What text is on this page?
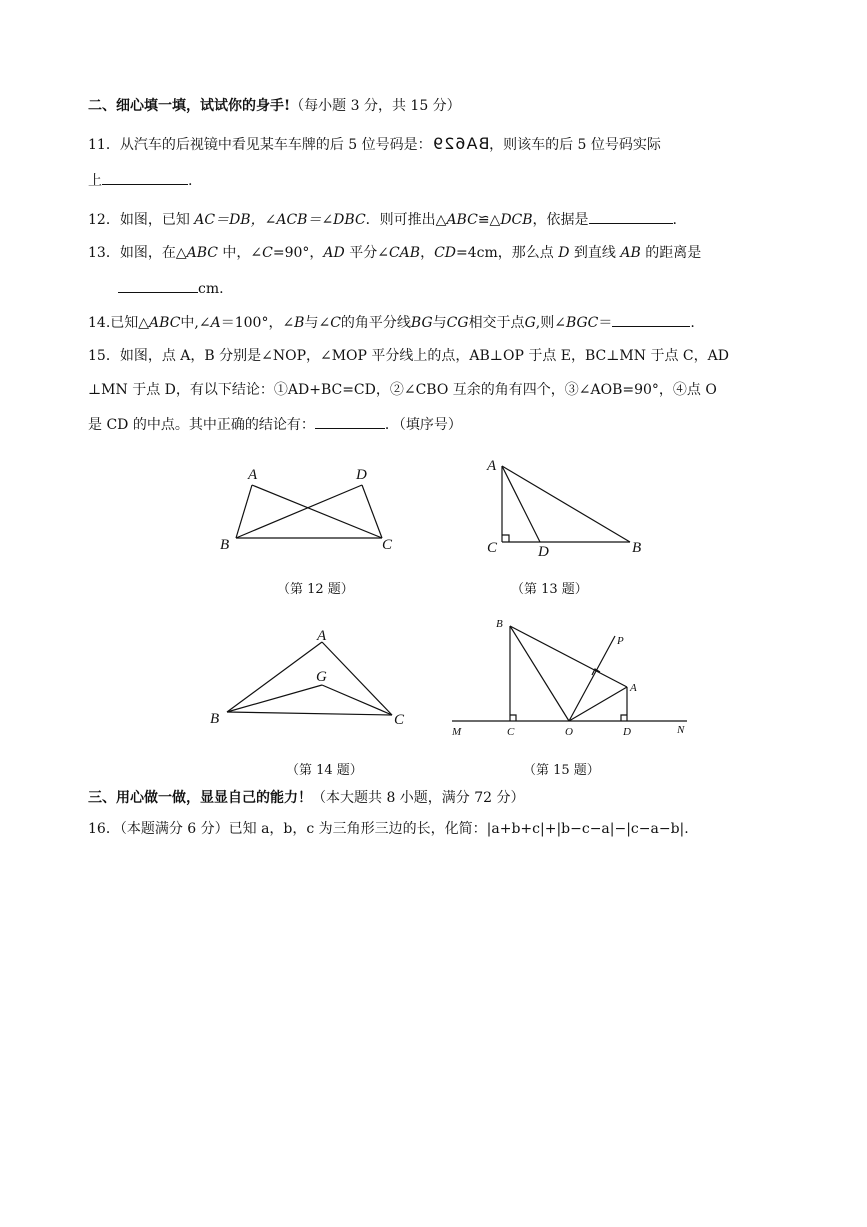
二、细心填一填，试试你的身手!（每小题 3 分，共 15 分）
11．从汽车的后视镜中看见某车车牌的后 5 位号码是：BA629，则该车的后 5 位号码实际
上	.
12．如图，已知 AC＝DB，∠ACB＝∠DBC．则可推出△ABC≌△DCB，依据是	.
13．如图，在△ABC 中，∠C=90°，AD 平分∠CAB，CD=4cm，那么点 D 到直线 AB 的距离是
cm.
14.已知△ABC中,∠A＝100°，∠B与∠C的角平分线BG与CG相交于点G,则∠BGC＝	.
15．如图，点 A，B 分别是∠NOP，∠MOP 平分线上的点，AB⊥OP 于点 E，BC⊥MN 于点 C，AD
⊥MN 于点 D，有以下结论：①AD+BC=CD，②∠CBO 互余的角有四个，③∠AOB=90°，④点 O
是 CD 的中点。其中正确的结论有：	．（填序号）
A	D
B	C
（第 12 题）
A
C	D	B
（第 13 题）
A
G
B	C
（第 14 题）
B
P
A
M	C	O	D	N
（第 15 题）
三、用心做一做，显显自己的能力！（本大题共 8 小题，满分 72 分）
16．（本题满分 6 分）已知 a，b，c 为三角形三边的长，化简：|a+b+c|+|b−c−a|−|c−a−b|.
